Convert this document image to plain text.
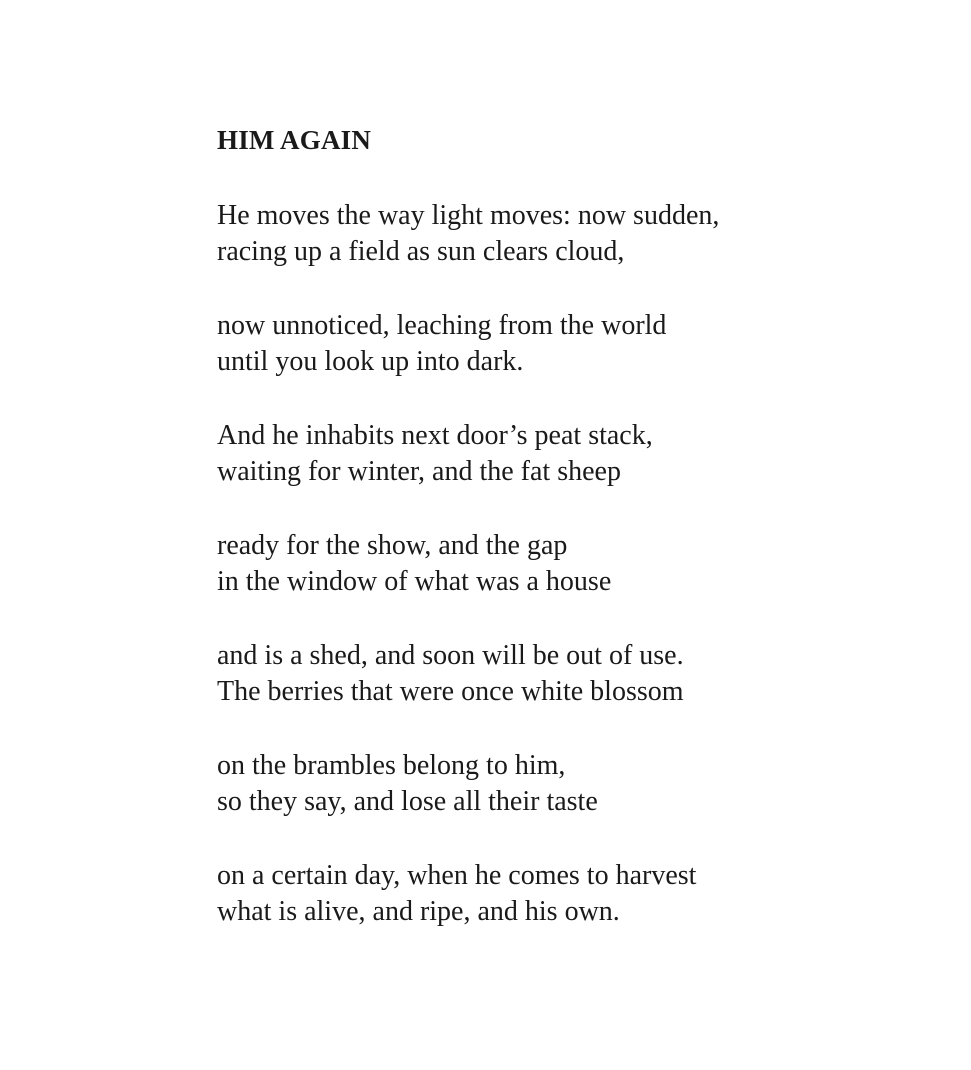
HIM AGAIN

He moves the way light moves: now sudden,
racing up a field as sun clears cloud,

now unnoticed, leaching from the world
until you look up into dark.

And he inhabits next door’s peat stack,
waiting for winter, and the fat sheep

ready for the show, and the gap
in the window of what was a house

and is a shed, and soon will be out of use.
The berries that were once white blossom

on the brambles belong to him,
so they say, and lose all their taste

on a certain day, when he comes to harvest
what is alive, and ripe, and his own.
